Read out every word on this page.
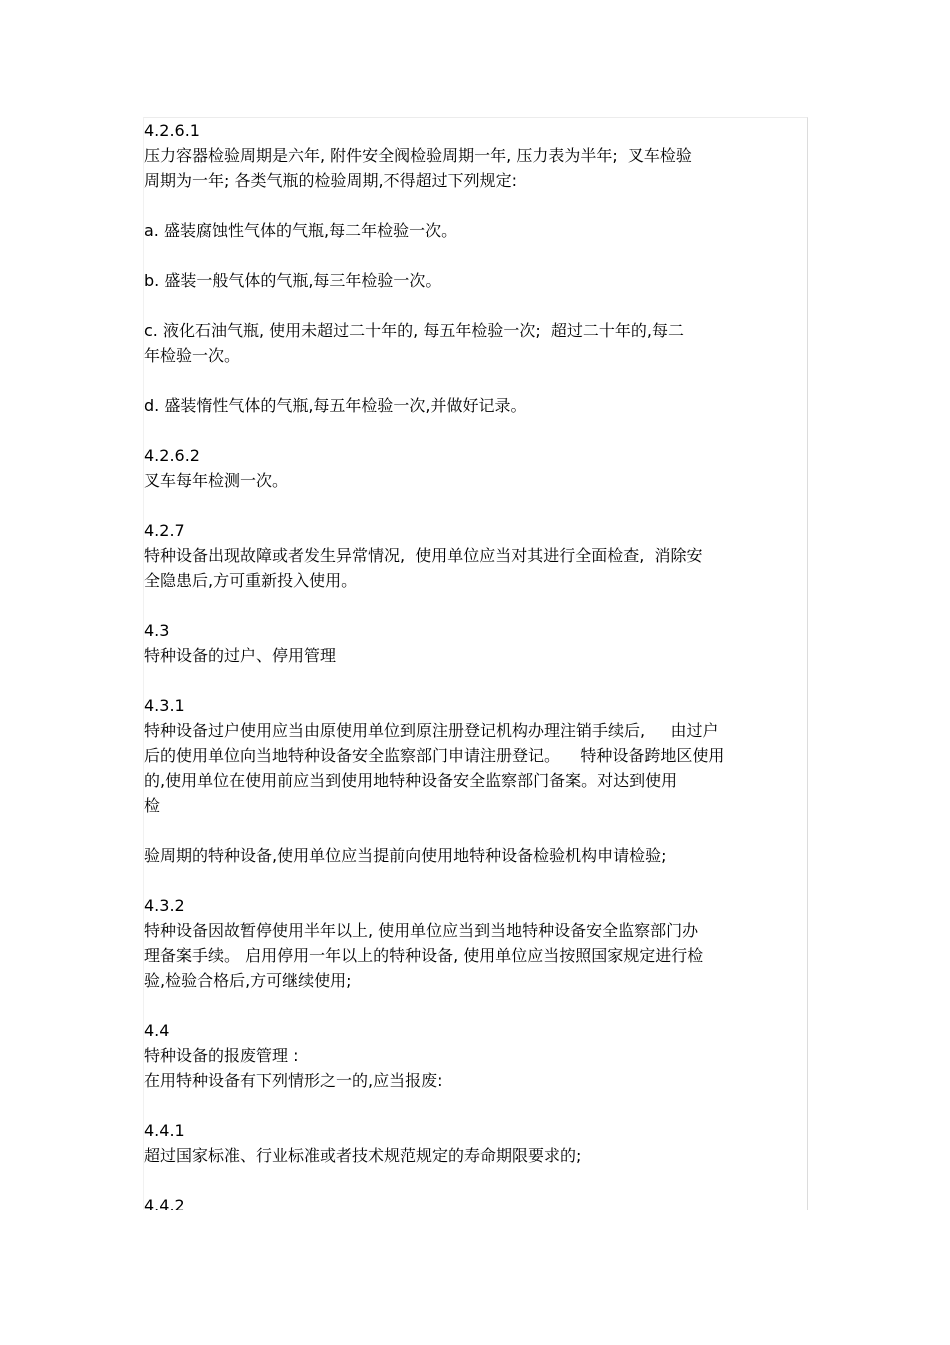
4.2.6.1
压力容器检验周期是六年, 附件安全阀检验周期一年, 压力表为半年;  叉车检验
周期为一年; 各类气瓶的检验周期,不得超过下列规定:
a. 盛装腐蚀性气体的气瓶,每二年检验一次。
b. 盛装一般气体的气瓶,每三年检验一次。
c. 液化石油气瓶, 使用未超过二十年的, 每五年检验一次;  超过二十年的,每二
年检验一次。
d. 盛装惰性气体的气瓶,每五年检验一次,并做好记录。
4.2.6.2
叉车每年检测一次。
4.2.7
特种设备出现故障或者发生异常情况,  使用单位应当对其进行全面检查,  消除安
全隐患后,方可重新投入使用。
4.3
特种设备的过户、停用管理
4.3.1
特种设备过户使用应当由原使用单位到原注册登记机构办理注销手续后,     由过户
后的使用单位向当地特种设备安全监察部门申请注册登记。    特种设备跨地区使用
的,使用单位在使用前应当到使用地特种设备安全监察部门备案。对达到使用
检
验周期的特种设备,使用单位应当提前向使用地特种设备检验机构申请检验;
4.3.2
特种设备因故暂停使用半年以上, 使用单位应当到当地特种设备安全监察部门办
理备案手续。 启用停用一年以上的特种设备, 使用单位应当按照国家规定进行检
验,检验合格后,方可继续使用;
4.4
特种设备的报废管理 :
在用特种设备有下列情形之一的,应当报废:
4.4.1
超过国家标准、行业标准或者技术规范规定的寿命期限要求的;
4.4.2
